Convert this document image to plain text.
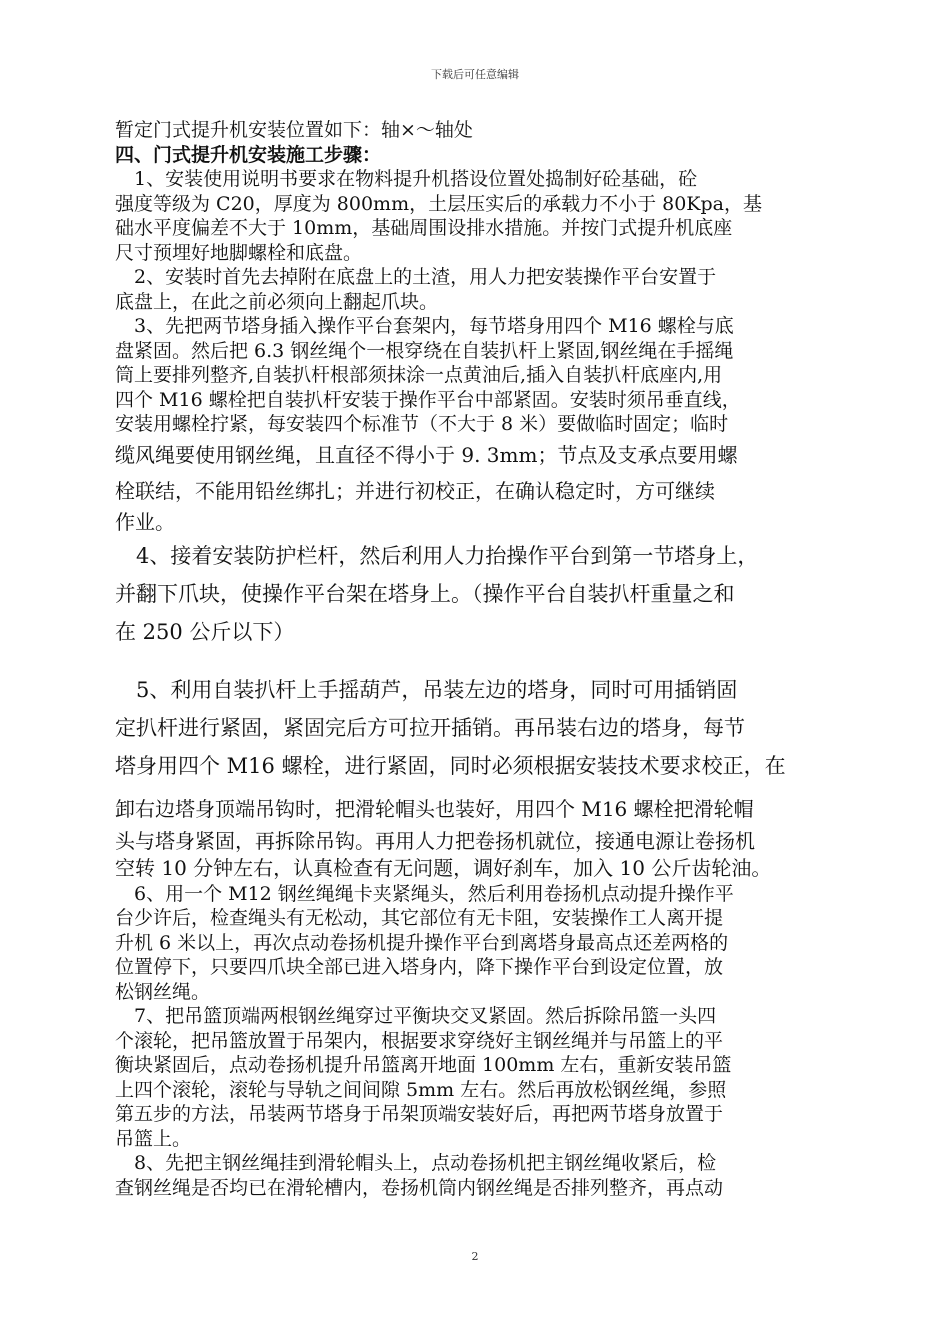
下载后可任意编辑

暂定门式提升机安装位置如下：轴×～轴处

四、门式提升机安装施工步骤：

　1、安装使用说明书要求在物料提升机搭设位置处捣制好砼基础，砼
强度等级为 C20，厚度为 800mm，土层压实后的承载力不小于 80Kpa，基
础水平度偏差不大于 10mm，基础周围设排水措施。并按门式提升机底座
尺寸预埋好地脚螺栓和底盘。

　2、安装时首先去掉附在底盘上的土渣，用人力把安装操作平台安置于
底盘上，在此之前必须向上翻起爪块。

　3、先把两节塔身插入操作平台套架内，每节塔身用四个 M16 螺栓与底
盘紧固。然后把 6.3 钢丝绳个一根穿绕在自装扒杆上紧固,钢丝绳在手摇绳
筒上要排列整齐,自装扒杆根部须抹涂一点黄油后,插入自装扒杆底座内,用
四个 M16 螺栓把自装扒杆安装于操作平台中部紧固。安装时须吊垂直线，
安装用螺栓拧紧，每安装四个标准节（不大于 8 米）要做临时固定；临时

缆风绳要使用钢丝绳，且直径不得小于 9. 3mm；节点及支承点要用螺
栓联结，不能用铅丝绑扎；并进行初校正，在确认稳定时，方可继续
作业。

　4、接着安装防护栏杆，然后利用人力抬操作平台到第一节塔身上，
并翻下爪块，使操作平台架在塔身上。（操作平台自装扒杆重量之和
在 250 公斤以下）

　5、利用自装扒杆上手摇葫芦，吊装左边的塔身，同时可用插销固
定扒杆进行紧固，紧固完后方可拉开插销。再吊装右边的塔身，每节
塔身用四个 M16 螺栓，进行紧固，同时必须根据安装技术要求校正，在

卸右边塔身顶端吊钩时，把滑轮帽头也装好，用四个 M16 螺栓把滑轮帽
头与塔身紧固，再拆除吊钩。再用人力把卷扬机就位，接通电源让卷扬机
空转 10 分钟左右，认真检查有无问题，调好刹车，加入 10 公斤齿轮油。

　6、用一个 M12 钢丝绳绳卡夹紧绳头，然后利用卷扬机点动提升操作平
台少许后，检查绳头有无松动，其它部位有无卡阻，安装操作工人离开提
升机 6 米以上，再次点动卷扬机提升操作平台到离塔身最高点还差两格的
位置停下，只要四爪块全部已进入塔身内，降下操作平台到设定位置，放
松钢丝绳。

　7、把吊篮顶端两根钢丝绳穿过平衡块交叉紧固。然后拆除吊篮一头四
个滚轮，把吊篮放置于吊架内，根据要求穿绕好主钢丝绳并与吊篮上的平
衡块紧固后，点动卷扬机提升吊篮离开地面 100mm 左右，重新安装吊篮
上四个滚轮，滚轮与导轨之间间隙 5mm 左右。然后再放松钢丝绳，参照
第五步的方法，吊装两节塔身于吊架顶端安装好后，再把两节塔身放置于
吊篮上。

　8、先把主钢丝绳挂到滑轮帽头上，点动卷扬机把主钢丝绳收紧后，检
查钢丝绳是否均已在滑轮槽内，卷扬机筒内钢丝绳是否排列整齐，再点动

2
